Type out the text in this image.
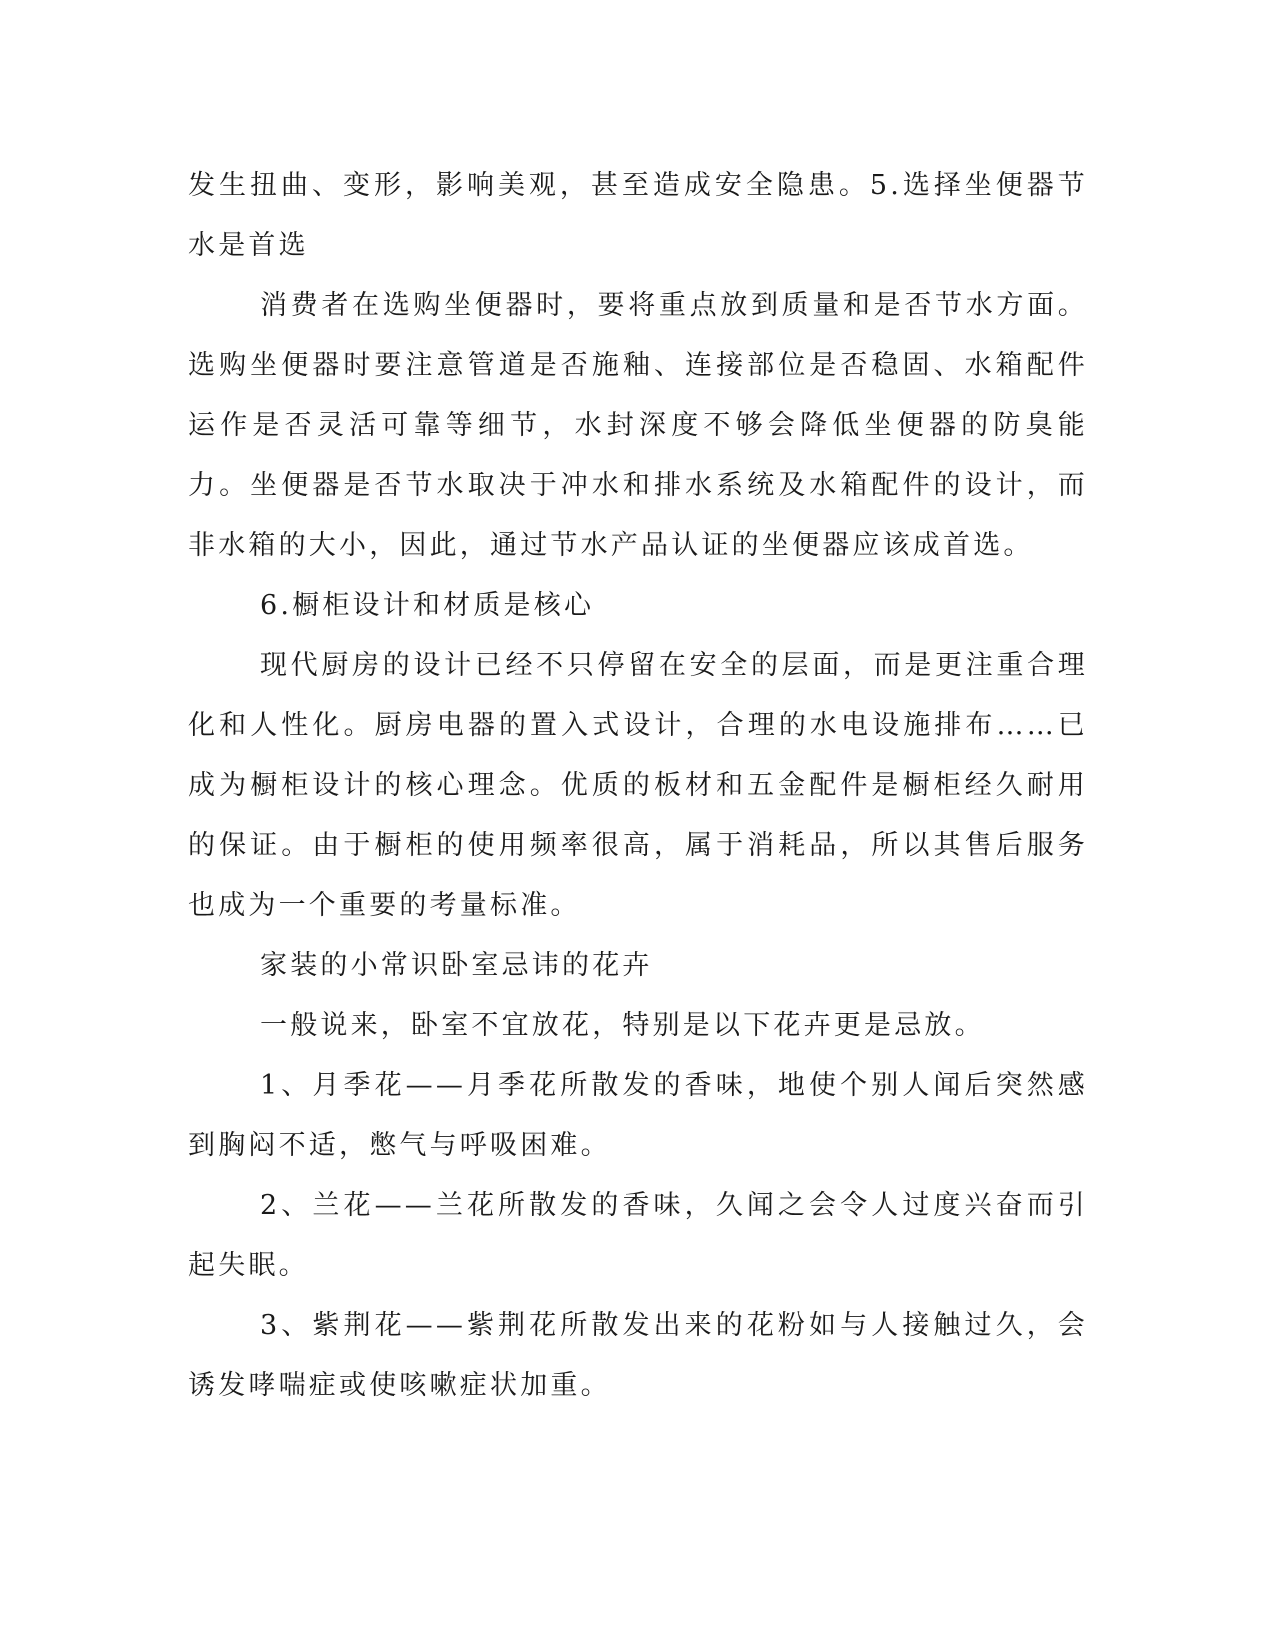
发生扭曲、变形，影响美观，甚至造成安全隐患。5.选择坐便器节水是首选

消费者在选购坐便器时，要将重点放到质量和是否节水方面。选购坐便器时要注意管道是否施釉、连接部位是否稳固、水箱配件运作是否灵活可靠等细节，水封深度不够会降低坐便器的防臭能力。坐便器是否节水取决于冲水和排水系统及水箱配件的设计，而非水箱的大小，因此，通过节水产品认证的坐便器应该成首选。

6.橱柜设计和材质是核心

现代厨房的设计已经不只停留在安全的层面，而是更注重合理化和人性化。厨房电器的置入式设计，合理的水电设施排布……已成为橱柜设计的核心理念。优质的板材和五金配件是橱柜经久耐用的保证。由于橱柜的使用频率很高，属于消耗品，所以其售后服务也成为一个重要的考量标准。

家装的小常识卧室忌讳的花卉

一般说来，卧室不宜放花，特别是以下花卉更是忌放。

1、月季花——月季花所散发的香味，地使个别人闻后突然感到胸闷不适，憋气与呼吸困难。

2、兰花——兰花所散发的香味，久闻之会令人过度兴奋而引起失眠。

3、紫荆花——紫荆花所散发出来的花粉如与人接触过久，会诱发哮喘症或使咳嗽症状加重。
